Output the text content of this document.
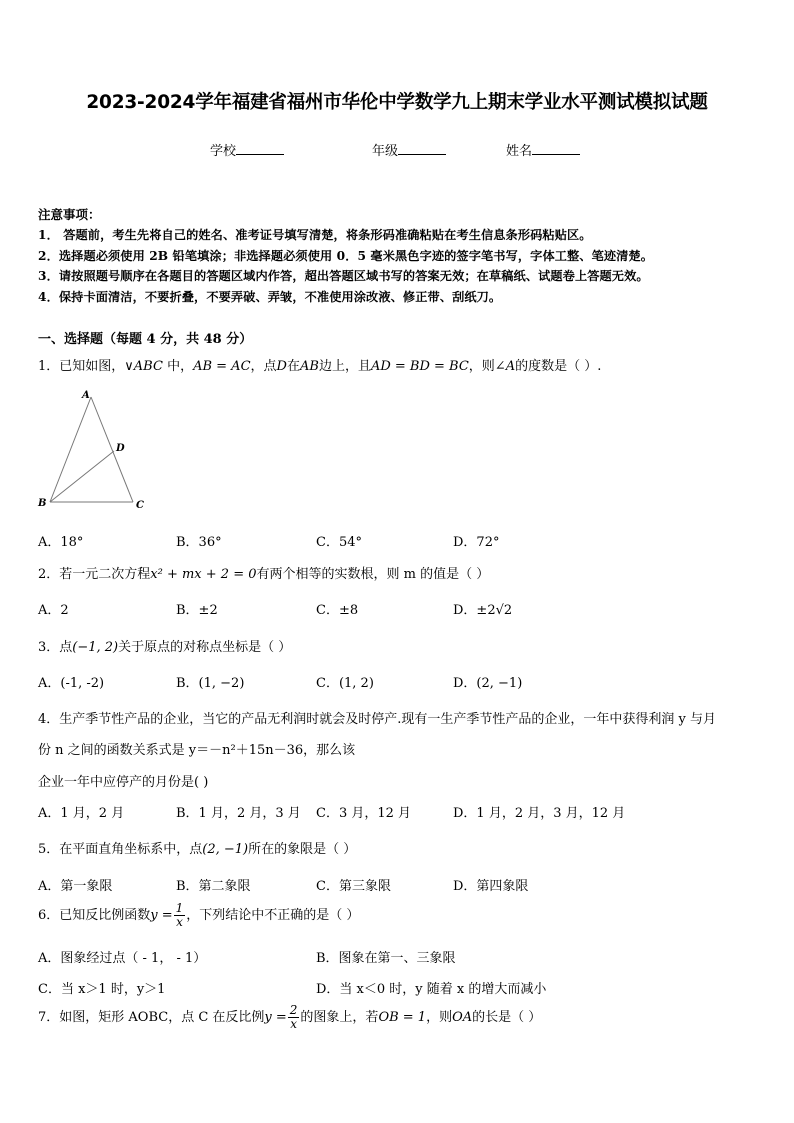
2023-2024学年福建省福州市华伦中学数学九上期末学业水平测试模拟试题
学校	年级	姓名
注意事项：
1． 答题前，考生先将自己的姓名、准考证号填写清楚，将条形码准确粘贴在考生信息条形码粘贴区。
2．选择题必须使用 2B 铅笔填涂；非选择题必须使用 0．5 毫米黑色字迹的签字笔书写，字体工整、笔迹清楚。
3．请按照题号顺序在各题目的答题区域内作答，超出答题区域书写的答案无效；在草稿纸、试题卷上答题无效。
4．保持卡面清洁，不要折叠，不要弄破、弄皱，不准使用涂改液、修正带、刮纸刀。
一、选择题（每题 4 分，共 48 分）
1．已知如图，∨ABC 中，AB = AC，点D在AB边上，且AD = BD = BC，则∠A的度数是（ ）.
A
B	C
D
A．18°	B．36°	C．54°	D．72°
2．若一元二次方程x² + mx + 2 = 0有两个相等的实数根，则 m 的值是（ ）
A．2	B．±2	C．±8	D．±2√2
3．点(−1, 2)关于原点的对称点坐标是（ ）
A．(-1, -2)	B．(1, −2)	C．(1, 2)	D．(2, −1)
4．生产季节性产品的企业，当它的产品无利润时就会及时停产.现有一生产季节性产品的企业，一年中获得利润 y 与月
份 n 之间的函数关系式是 y＝－n²＋15n－36，那么该
企业一年中应停产的月份是( )
A．1 月，2 月	B．1 月，2 月，3 月 C．3 月，12 月	D．1 月，2 月，3 月，12 月
5．在平面直角坐标系中，点(2, −1)所在的象限是（ ）
A．第一象限	B．第二象限	C．第三象限	D．第四象限
6．已知反比例函数$y = \frac{1}{x}$ ，下列结论中不正确的是（ ）
A．图象经过点（ - 1， - 1）	B．图象在第一、三象限
C．当 x＞1 时，y＞1	D．当 x＜0 时，y 随着 x 的增大而减小
7．如图，矩形 AOBC，点 C 在反比例$y = \frac{2}{x}$ 的图象上，若OB = 1，则OA的长是（ ）
